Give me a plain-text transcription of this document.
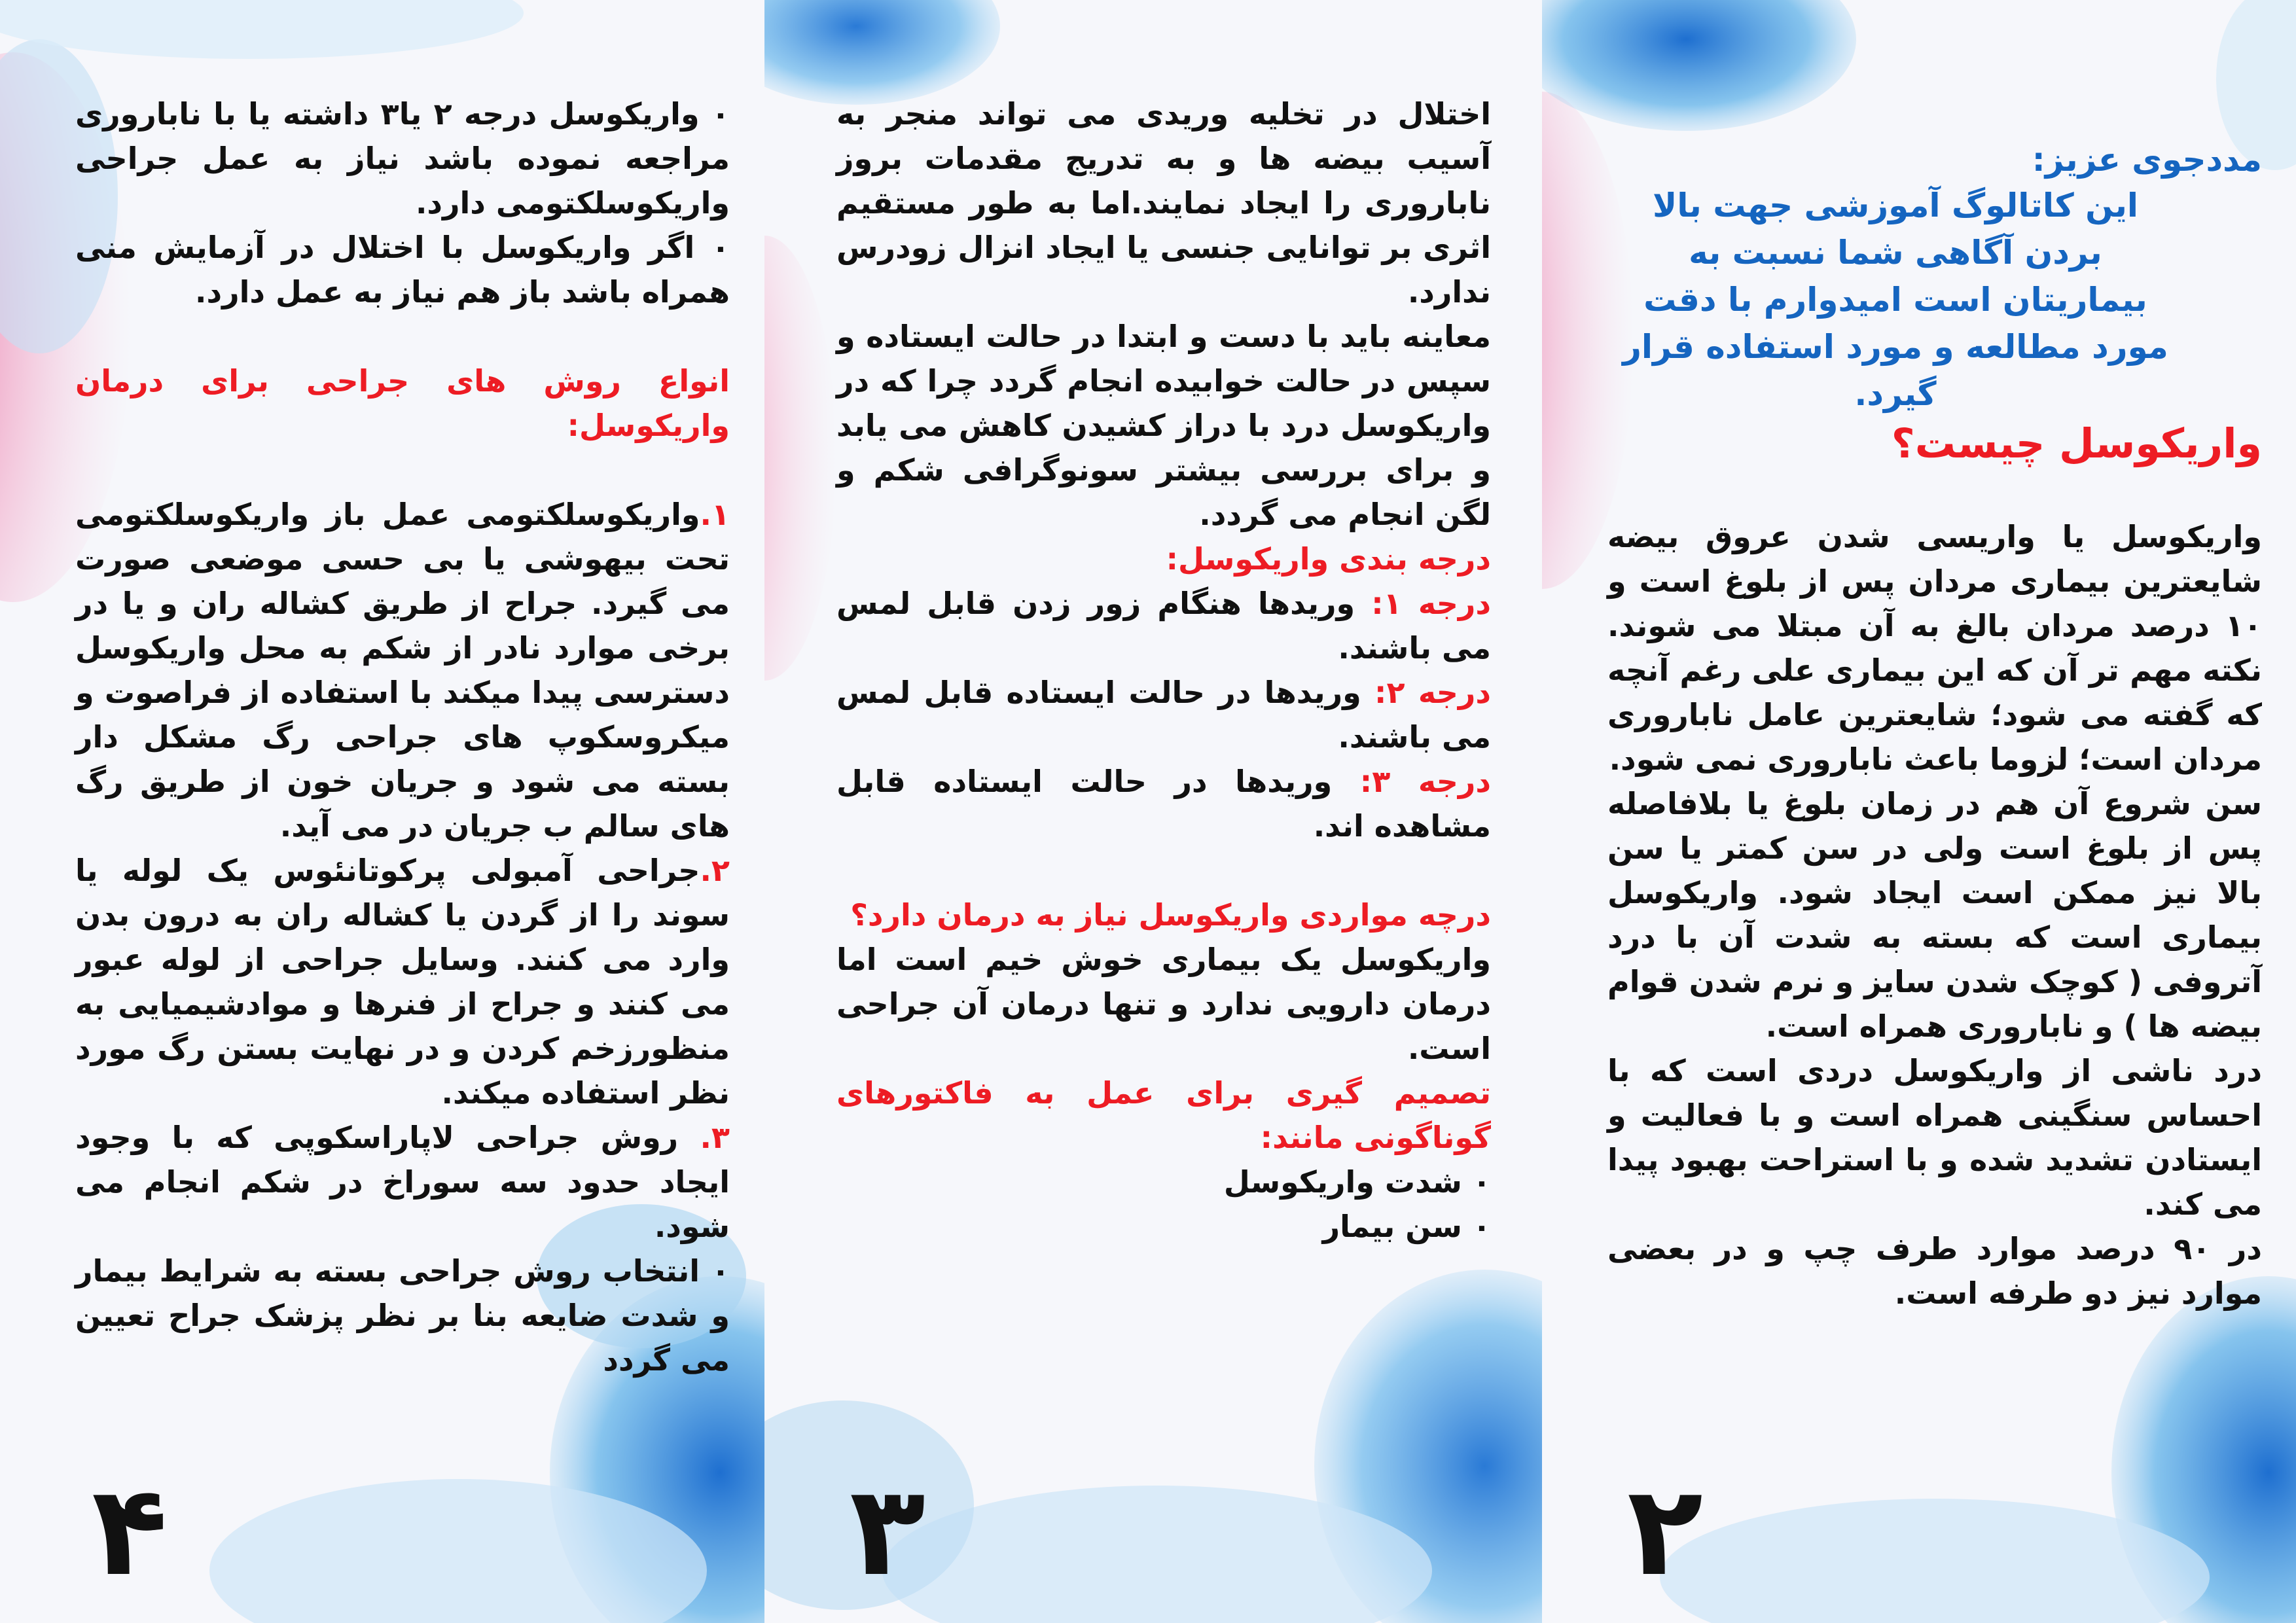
۰ واریکوسل درجه ۲ یا۳ داشته یا با ناباروری مراجعه نموده باشد نیاز به عمل جراحی واریکوسلکتومی دارد.

۰ اگر واریکوسل با اختلال در آزمایش منی همراه باشد باز هم نیاز به عمل دارد.

انواع روش های جراحی برای درمان واریکوسل:

۱.واریکوسلکتومی عمل باز واریکوسلکتومی تحت بیهوشی یا بی حسی موضعی صورت می گیرد. جراح از طریق کشاله ران و یا در برخی موارد نادر از شکم به محل واریکوسل دسترسی پیدا میکند با استفاده از فراصوت و میکروسکوپ های جراحی رگ مشکل دار بسته می شود و جریان خون از طریق رگ های سالم ب جریان در می آید.

۲.جراحی آمبولی پرکوتانئوس یک لوله یا سوند را از گردن یا کشاله ران به درون بدن وارد می کنند. وسایل جراحی از لوله عبور می کنند و جراح از فنرها و موادشیمیایی به منظورزخم کردن و در نهایت بستن رگ مورد نظر استفاده میکند.

۳. روش جراحی لاپاراسکوپی که با وجود ایجاد حدود سه سوراخ در شکم انجام می شود.

۰ انتخاب روش جراحی بسته به شرایط بیمار و شدت ضایعه بنا بر نظر پزشک جراح تعیین می گردد

۴

اختلال در تخلیه وریدی می تواند منجر به آسیب بیضه ها و به تدریج مقدمات بروز ناباروری را ایجاد نمایند.اما به طور مستقیم اثری بر توانایی جنسی یا ایجاد انزال زودرس ندارد.

معاینه باید با دست و ابتدا در حالت ایستاده و سپس در حالت خوابیده انجام گردد چرا که در واریکوسل درد با دراز کشیدن کاهش می یابد و برای بررسی بیشتر سونوگرافی شکم و لگن انجام می گردد.

درجه بندی واریکوسل:

درجه ۱: وریدها هنگام زور زدن قابل لمس می باشند.

درجه ۲: وریدها در حالت ایستاده قابل لمس می باشند.

درجه ۳: وریدها در حالت ایستاده قابل مشاهده اند.

درچه مواردی واریکوسل نیاز به درمان دارد؟

واریکوسل یک بیماری خوش خیم است اما درمان دارویی ندارد و تنها درمان آن جراحی است.

تصمیم گیری برای عمل به فاکتورهای گوناگونی مانند:

۰ شدت واریکوسل

۰ سن بیمار

۳

مددجوی عزیز:

این کاتالوگ آموزشی جهت بالا بردن آگاهی شما نسبت به بیماریتان است امیدوارم با دقت مورد مطالعه و مورد استفاده قرار گیرد.

واریکوسل چیست؟

واریکوسل یا واریسی شدن عروق بیضه شایعترین بیماری مردان پس از بلوغ است و ۱۰ درصد مردان بالغ به آن مبتلا می شوند. نکته مهم تر آن که این بیماری علی رغم آنچه که گفته می شود؛ شایعترین عامل ناباروری مردان است؛ لزوما باعث ناباروری نمی شود.

سن شروع آن هم در زمان بلوغ یا بلافاصله پس از بلوغ است ولی در سن کمتر یا سن بالا نیز ممکن است ایجاد شود. واریکوسل بیماری است که بسته به شدت آن با درد آتروفی ( کوچک شدن سایز و نرم شدن قوام بیضه ها ) و ناباروری همراه است.

درد ناشی از واریکوسل دردی است که با احساس سنگینی همراه است و با فعالیت و ایستادن تشدید شده و با استراحت بهبود پیدا می کند.

در ۹۰ درصد موارد طرف چپ و در بعضی موارد نیز دو طرفه است.

۲
